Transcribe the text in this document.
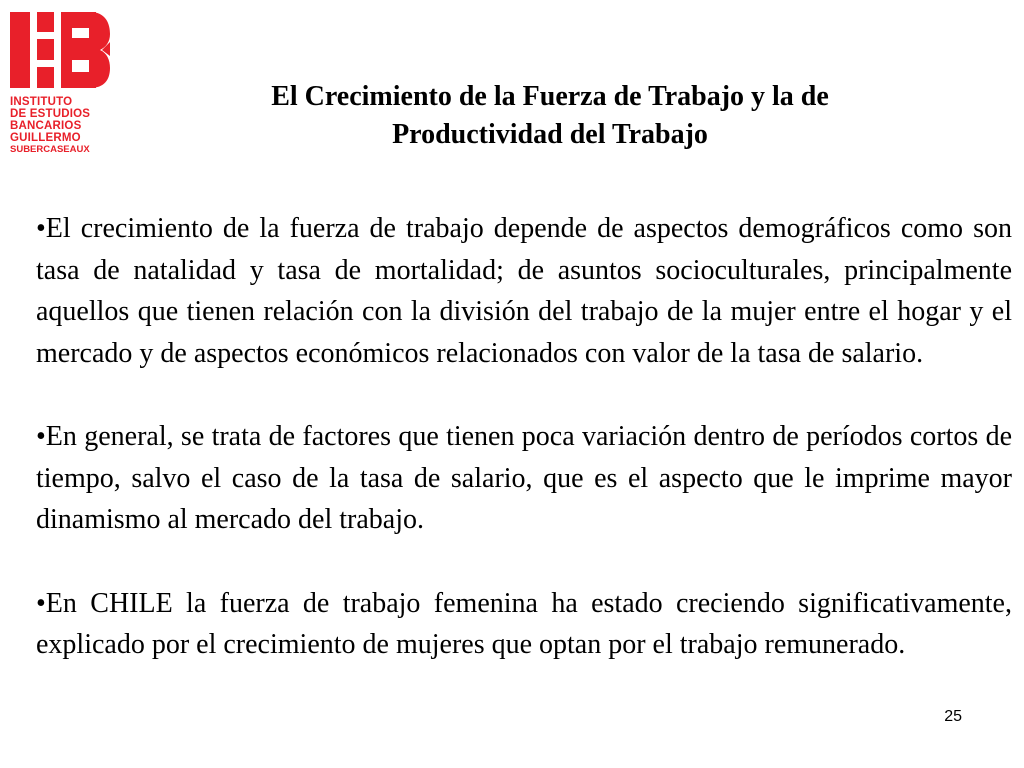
INSTITUTO
DE ESTUDIOS
BANCARIOS
GUILLERMO
SUBERCASEAUX
El Crecimiento de la Fuerza de Trabajo y la de
Productividad del Trabajo

•El crecimiento de la fuerza de trabajo depende de aspectos demográficos como son tasa de natalidad y tasa de mortalidad; de asuntos socioculturales, principalmente aquellos que tienen relación con la división del trabajo de la mujer entre el hogar y el mercado y de aspectos económicos relacionados con valor de la tasa de salario.

•En general, se trata de factores que tienen poca variación dentro de períodos cortos de tiempo, salvo el caso de la tasa de salario, que es el aspecto que le imprime mayor dinamismo al mercado del trabajo.

•En CHILE la fuerza de trabajo femenina ha estado creciendo significativamente, explicado por el crecimiento de mujeres que optan por el trabajo remunerado.

25
